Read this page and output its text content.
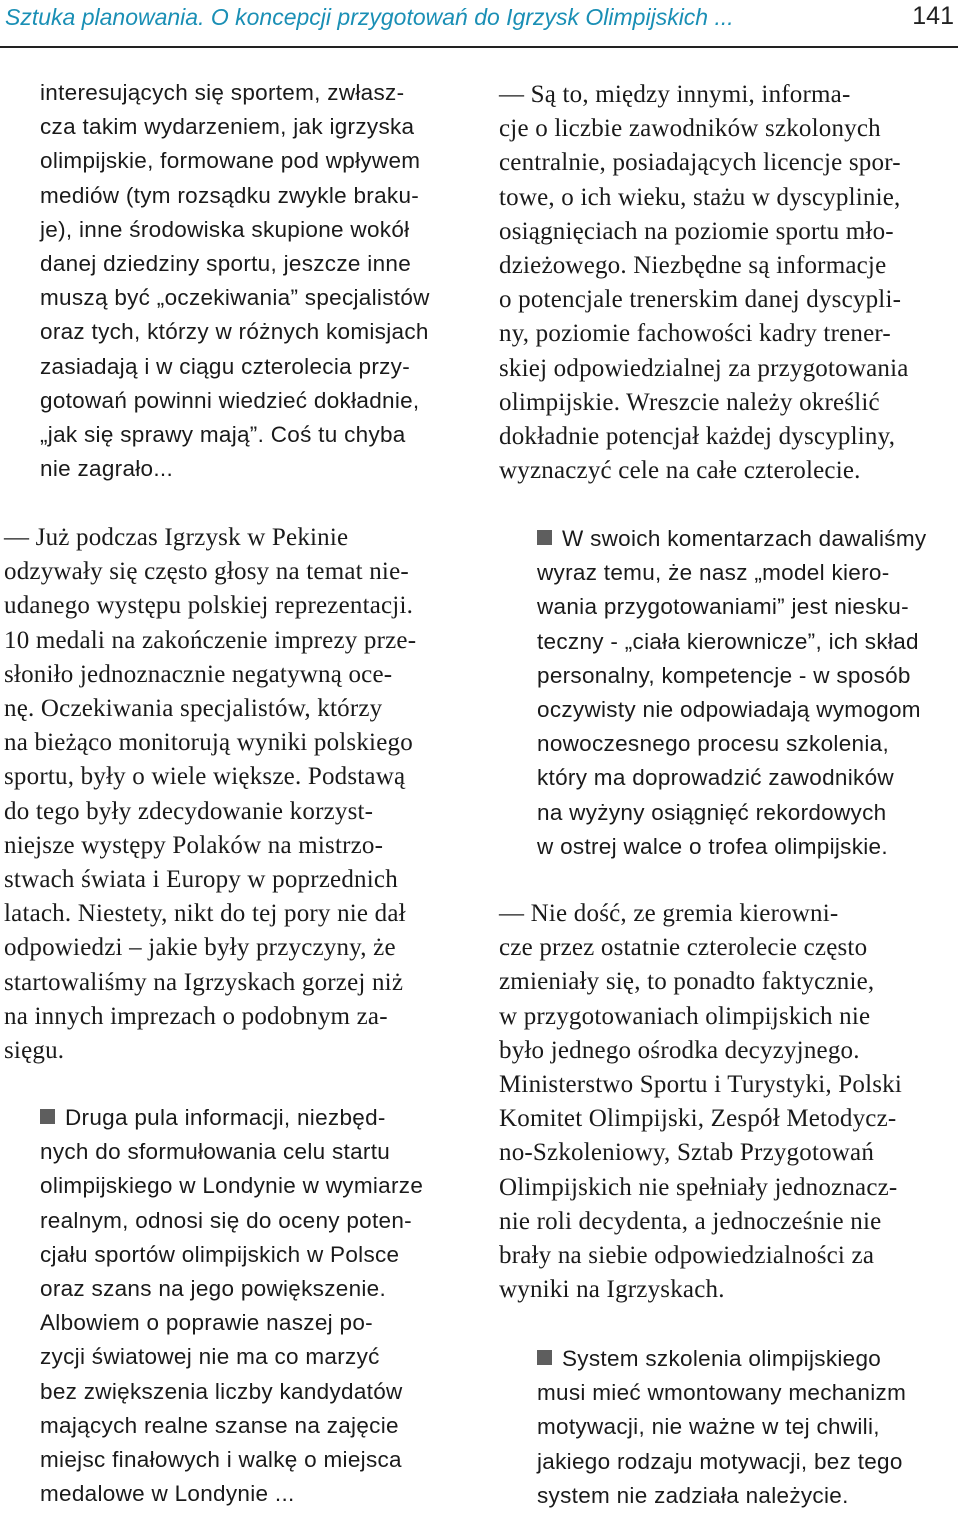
Sztuka planowania. O koncepcji przygotowań do Igrzysk Olimpijskich ...	141

interesujących się sportem, zwłasz-
cza takim wydarzeniem, jak igrzyska
olimpijskie, formowane pod wpływem
mediów (tym rozsądku zwykle braku-
je), inne środowiska skupione wokół
danej dziedziny sportu, jeszcze inne
muszą być „oczekiwania” specjalistów
oraz tych, którzy w różnych komisjach
zasiadają i w ciągu czterolecia przy-
gotowań powinni wiedzieć dokładnie,
„jak się sprawy mają”. Coś tu chyba
nie zagrało...

— Już podczas Igrzysk w Pekinie
odzywały się często głosy na temat nie-
udanego występu polskiej reprezentacji.
10 medali na zakończenie imprezy prze-
słoniło jednoznacznie negatywną oce-
nę. Oczekiwania specjalistów, którzy
na bieżąco monitorują wyniki polskiego
sportu, były o wiele większe. Podstawą
do tego były zdecydowanie korzyst-
niejsze występy Polaków na mistrzo-
stwach świata i Europy w poprzednich
latach. Niestety, nikt do tej pory nie dał
odpowiedzi – jakie były przyczyny, że
startowaliśmy na Igrzyskach gorzej niż
na innych imprezach o podobnym za-
sięgu.

Druga pula informacji, niezbęd-
nych do sformułowania celu startu
olimpijskiego w Londynie w wymiarze
realnym, odnosi się do oceny poten-
cjału sportów olimpijskich w Polsce
oraz szans na jego powiększenie.
Albowiem o poprawie naszej po-
zycji światowej nie ma co marzyć
bez zwiększenia liczby kandydatów
mających realne szanse na zajęcie
miejsc finałowych i walkę o miejsca
medalowe w Londynie ...

— Są to, między innymi, informa-
cje o liczbie zawodników szkolonych
centralnie, posiadających licencje spor-
towe, o ich wieku, stażu w dyscyplinie,
osiągnięciach na poziomie sportu mło-
dzieżowego. Niezbędne są informacje
o potencjale trenerskim danej dyscypli-
ny, poziomie fachowości kadry trener-
skiej odpowiedzialnej za przygotowania
olimpijskie. Wreszcie należy określić
dokładnie potencjał każdej dyscypliny,
wyznaczyć cele na całe czterolecie.

W swoich komentarzach dawaliśmy
wyraz temu, że nasz „model kiero-
wania przygotowaniami” jest niesku-
teczny - „ciała kierownicze”, ich skład
personalny, kompetencje - w sposób
oczywisty nie odpowiadają wymogom
nowoczesnego procesu szkolenia,
który ma doprowadzić zawodników
na wyżyny osiągnięć rekordowych
w ostrej walce o trofea olimpijskie.

— Nie dość, ze gremia kierowni-
cze przez ostatnie czterolecie często
zmieniały się, to ponadto faktycznie,
w przygotowaniach olimpijskich nie
było jednego ośrodka decyzyjnego.
Ministerstwo Sportu i Turystyki, Polski
Komitet Olimpijski, Zespół Metodycz-
no-Szkoleniowy, Sztab Przygotowań
Olimpijskich nie spełniały jednoznacz-
nie roli decydenta, a jednocześnie nie
brały na siebie odpowiedzialności za
wyniki na Igrzyskach.

System szkolenia olimpijskiego
musi mieć wmontowany mechanizm
motywacji, nie ważne w tej chwili,
jakiego rodzaju motywacji, bez tego
system nie zadziała należycie.
